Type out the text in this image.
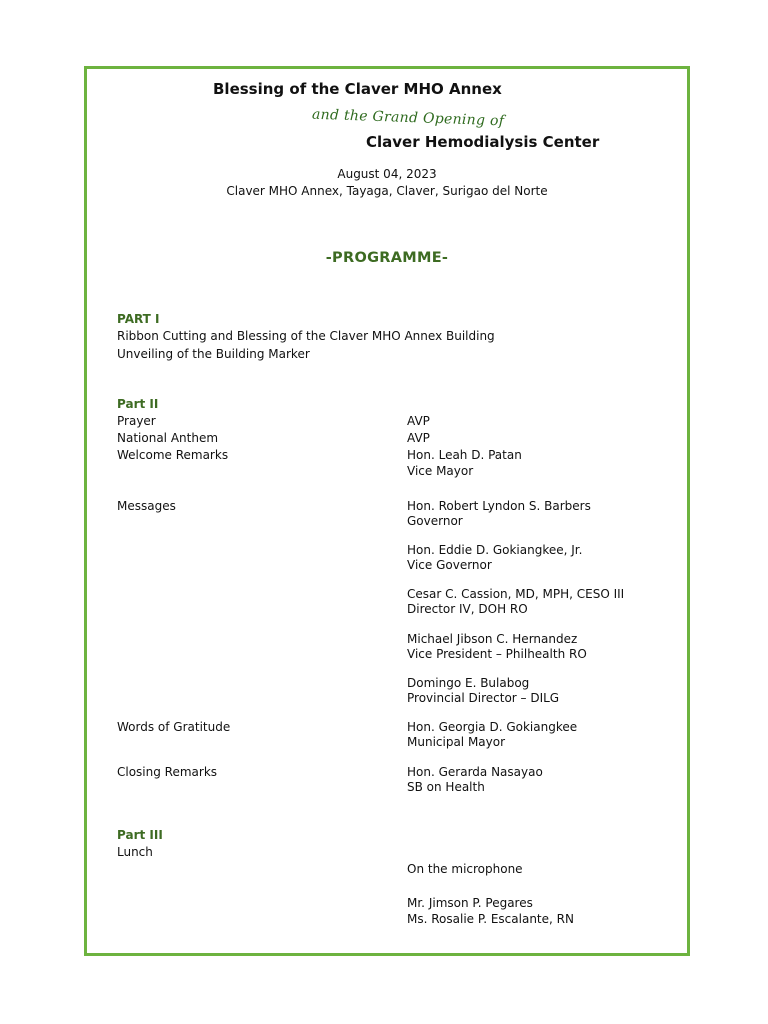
Blessing of the Claver MHO Annex
and the Grand Opening of
Claver Hemodialysis Center
August 04, 2023
Claver MHO Annex, Tayaga, Claver, Surigao del Norte
-PROGRAMME-
PART I
Ribbon Cutting and Blessing of the Claver MHO Annex Building
Unveiling of the Building Marker
Part II
Prayer	AVP
National Anthem	AVP
Welcome Remarks	Hon. Leah D. Patan
Vice Mayor
Messages	Hon. Robert Lyndon S. Barbers
Governor
Hon. Eddie D. Gokiangkee, Jr.
Vice Governor
Cesar C. Cassion, MD, MPH, CESO III
Director IV, DOH RO
Michael Jibson C. Hernandez
Vice President – Philhealth RO
Domingo E. Bulabog
Provincial Director – DILG
Words of Gratitude	Hon. Georgia D. Gokiangkee
Municipal Mayor
Closing Remarks	Hon. Gerarda Nasayao
SB on Health
Part III
Lunch
On the microphone
Mr. Jimson P. Pegares
Ms. Rosalie P. Escalante, RN
